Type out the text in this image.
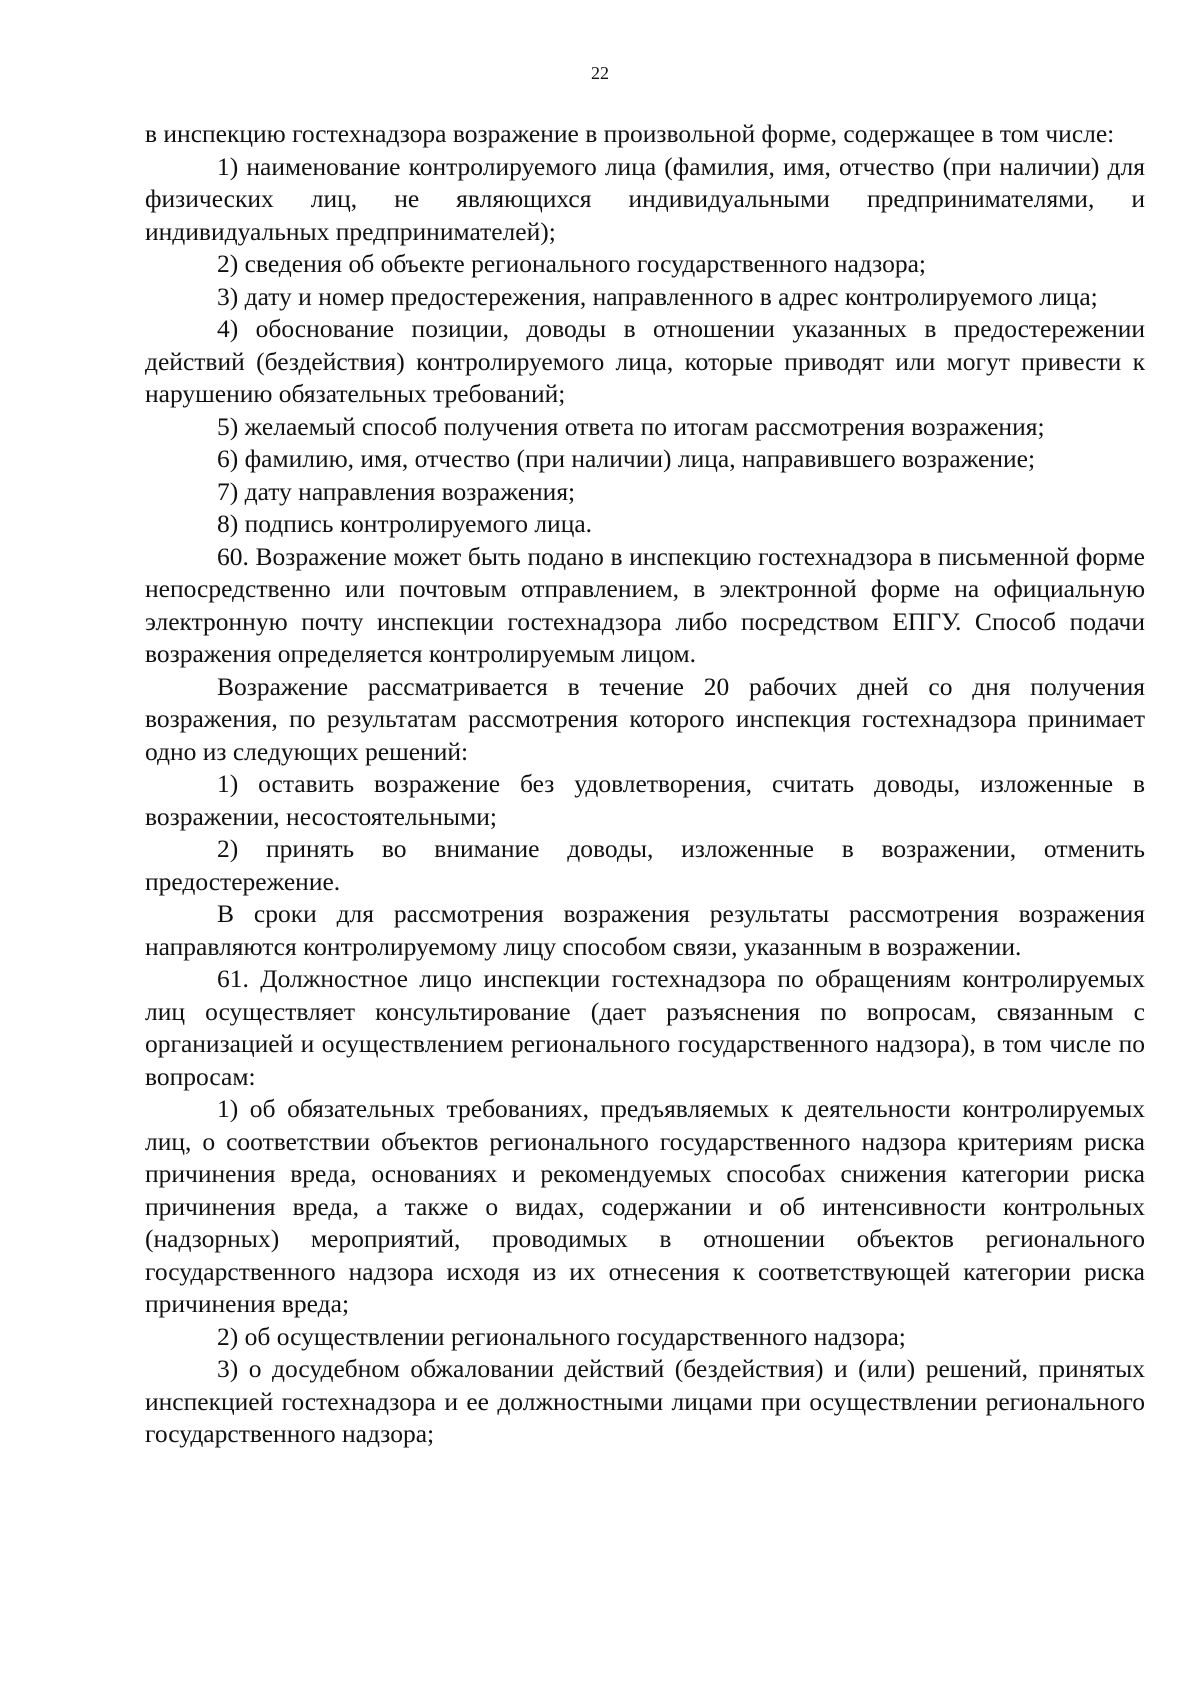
22

в инспекцию гостехнадзора возражение в произвольной форме, содержащее в том числе:

1) наименование контролируемого лица (фамилия, имя, отчество (при наличии) для физических лиц, не являющихся индивидуальными предпринимателями, и индивидуальных предпринимателей);

2) сведения об объекте регионального государственного надзора;

3) дату и номер предостережения, направленного в адрес контролируемого лица;

4) обоснование позиции, доводы в отношении указанных в предостережении действий (бездействия) контролируемого лица, которые приводят или могут привести к нарушению обязательных требований;

5) желаемый способ получения ответа по итогам рассмотрения возражения;

6) фамилию, имя, отчество (при наличии) лица, направившего возражение;

7) дату направления возражения;

8) подпись контролируемого лица.

60. Возражение может быть подано в инспекцию гостехнадзора в письменной форме непосредственно или почтовым отправлением, в электронной форме на официальную электронную почту инспекции гостехнадзора либо посредством ЕПГУ. Способ подачи возражения определяется контролируемым лицом.

Возражение рассматривается в течение 20 рабочих дней со дня получения возражения, по результатам рассмотрения которого инспекция гостехнадзора принимает одно из следующих решений:

1) оставить возражение без удовлетворения, считать доводы, изложенные в возражении, несостоятельными;

2) принять во внимание доводы, изложенные в возражении, отменить предостережение.

В сроки для рассмотрения возражения результаты рассмотрения возражения направляются контролируемому лицу способом связи, указанным в возражении.

61. Должностное лицо инспекции гостехнадзора по обращениям контролируемых лиц осуществляет консультирование (дает разъяснения по вопросам, связанным с организацией и осуществлением регионального государственного надзора), в том числе по вопросам:

1) об обязательных требованиях, предъявляемых к деятельности контролируемых лиц, о соответствии объектов регионального государственного надзора критериям риска причинения вреда, основаниях и рекомендуемых способах снижения категории риска причинения вреда, а также о видах, содержании и об интенсивности контрольных (надзорных) мероприятий, проводимых в отношении объектов регионального государственного надзора исходя из их отнесения к соответствующей категории риска причинения вреда;

2) об осуществлении регионального государственного надзора;

3) о досудебном обжаловании действий (бездействия) и (или) решений, принятых инспекцией гостехнадзора и ее должностными лицами при осуществлении регионального государственного надзора;
